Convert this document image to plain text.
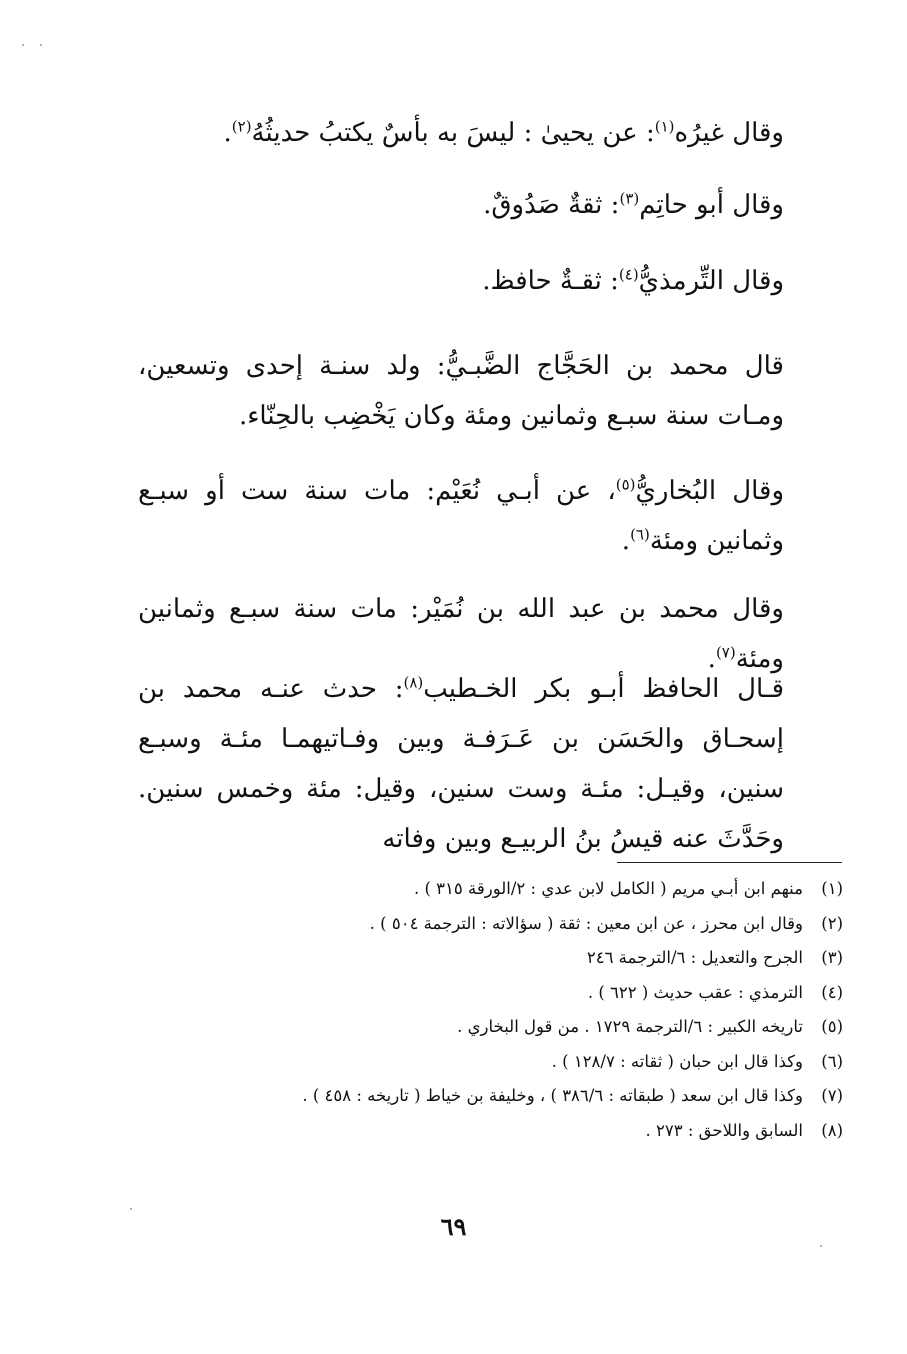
وقال غيرُه$^{(١)}$: عن يحيىٰ : ليسَ به بأسٌ يكتبُ حديثُهُ$^{(٢)}$.

وقال أبو حاتِم$^{(٣)}$: ثقةٌ صَدُوقٌ.

وقال التِّرمذيُّ$^{(٤)}$: ثقـةٌ حافظ.

قال محمد بن الحَجَّاج الضَّبـيُّ: ولد سنـة إحدى وتسعين، ومـات سنة سبـع وثمانين ومئة وكان يَخْضِب بالحِنّاء.

وقال البُخاريُّ$^{(٥)}$، عن أبـي نُعَيْم: مات سنة ست أو سبـع وثمانين ومئة$^{(٦)}$.

وقال محمد بن عبد الله بن نُمَيْر: مات سنة سبـع وثمانين ومئة$^{(٧)}$.

قـال الحافظ أبـو بكر الخـطيب$^{(٨)}$: حدث عنـه محمد بن إسحـاق والحَسَن بن عَـرَفـة وبين وفـاتيهمـا مئـة وسبـع سنين، وقيـل: مئـة وست سنين، وقيل: مئة وخمس سنين. وحَدَّثَ عنه قيسُ بنُ الربيـع وبين وفاته

(١)منهم ابن أبـي مريم ( الكامل لابن عدي : ٢/الورقة ٣١٥ ) .
(٢)وقال ابن محرز ، عن ابن معين : ثقة ( سؤالاته : الترجمة ٥٠٤ ) .
(٣)الجرح والتعديل : ٦/الترجمة ٢٤٦
(٤)الترمذي : عقب حديث ( ٦٢٢ ) .
(٥)تاريخه الكبير : ٦/الترجمة ١٧٢٩ . من قول البخاري .
(٦)وكذا قال ابن حبان ( ثقاته : ١٢٨/٧ ) .
(٧)وكذا قال ابن سعد ( طبقاته : ٣٨٦/٦ ) ، وخليفة بن خياط ( تاريخه : ٤٥٨ ) .
(٨)السابق واللاحق : ٢٧٣ .
٦٩
